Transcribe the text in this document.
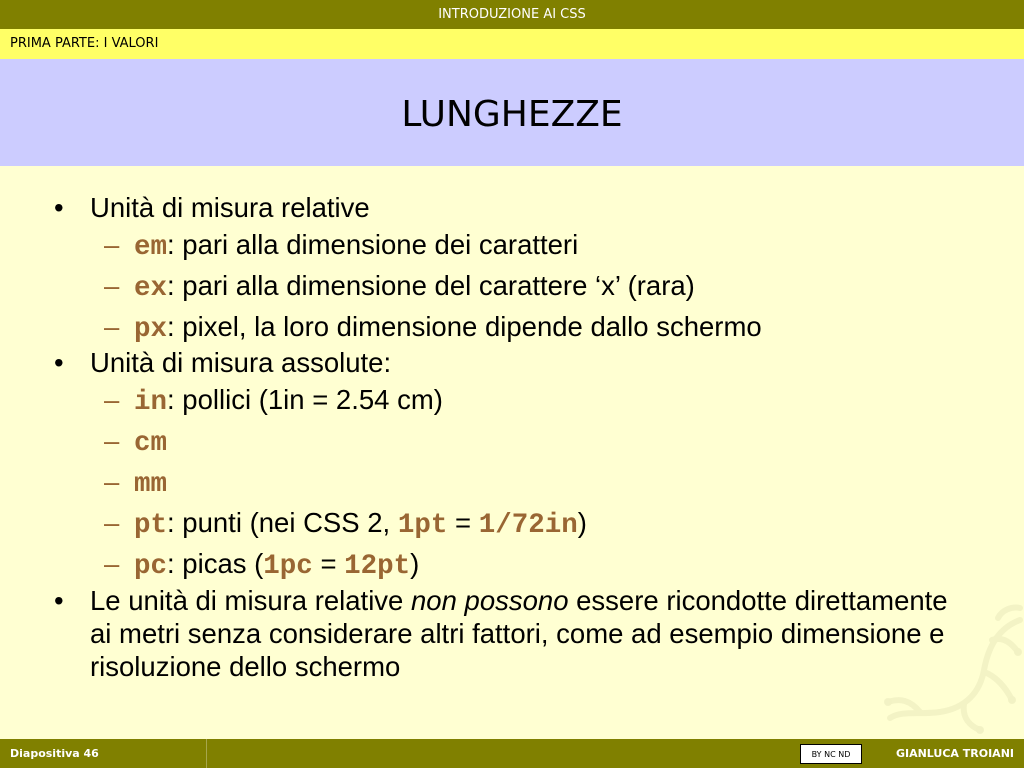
INTRODUZIONE AI CSS
PRIMA PARTE: I VALORI
LUNGHEZZE
• Unità di misura relative
– em: pari alla dimensione dei caratteri
– ex: pari alla dimensione del carattere ‘x’ (rara)
– px: pixel, la loro dimensione dipende dallo schermo
• Unità di misura assolute:
– in: pollici (1in = 2.54 cm)
– cm
– mm
– pt: punti (nei CSS 2, 1pt = 1/72in)
– pc: picas (1pc = 12pt)
• Le unità di misura relative non possono essere ricondotte direttamente ai metri senza considerare altri fattori, come ad esempio dimensione e risoluzione dello schermo
Diapositiva 46	GIANLUCA TROIANI
BY NC ND
